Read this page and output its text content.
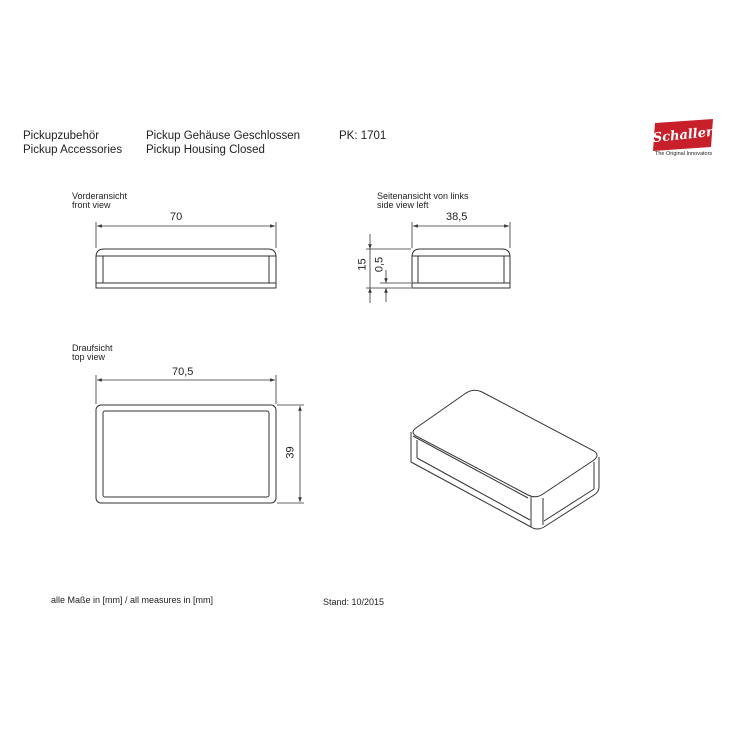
Pickupzubehör
Pickup Accessories
Pickup Gehäuse Geschlossen
Pickup Housing Closed
PK: 1701	Schaller
The Original Innovators
Vorderansicht
front view
Seitenansicht von links
side view left
Draufsicht
top view
70	38,5
15 0,5
70,5
39
alle Maße in [mm] / all measures in [mm]	Stand: 10/2015
